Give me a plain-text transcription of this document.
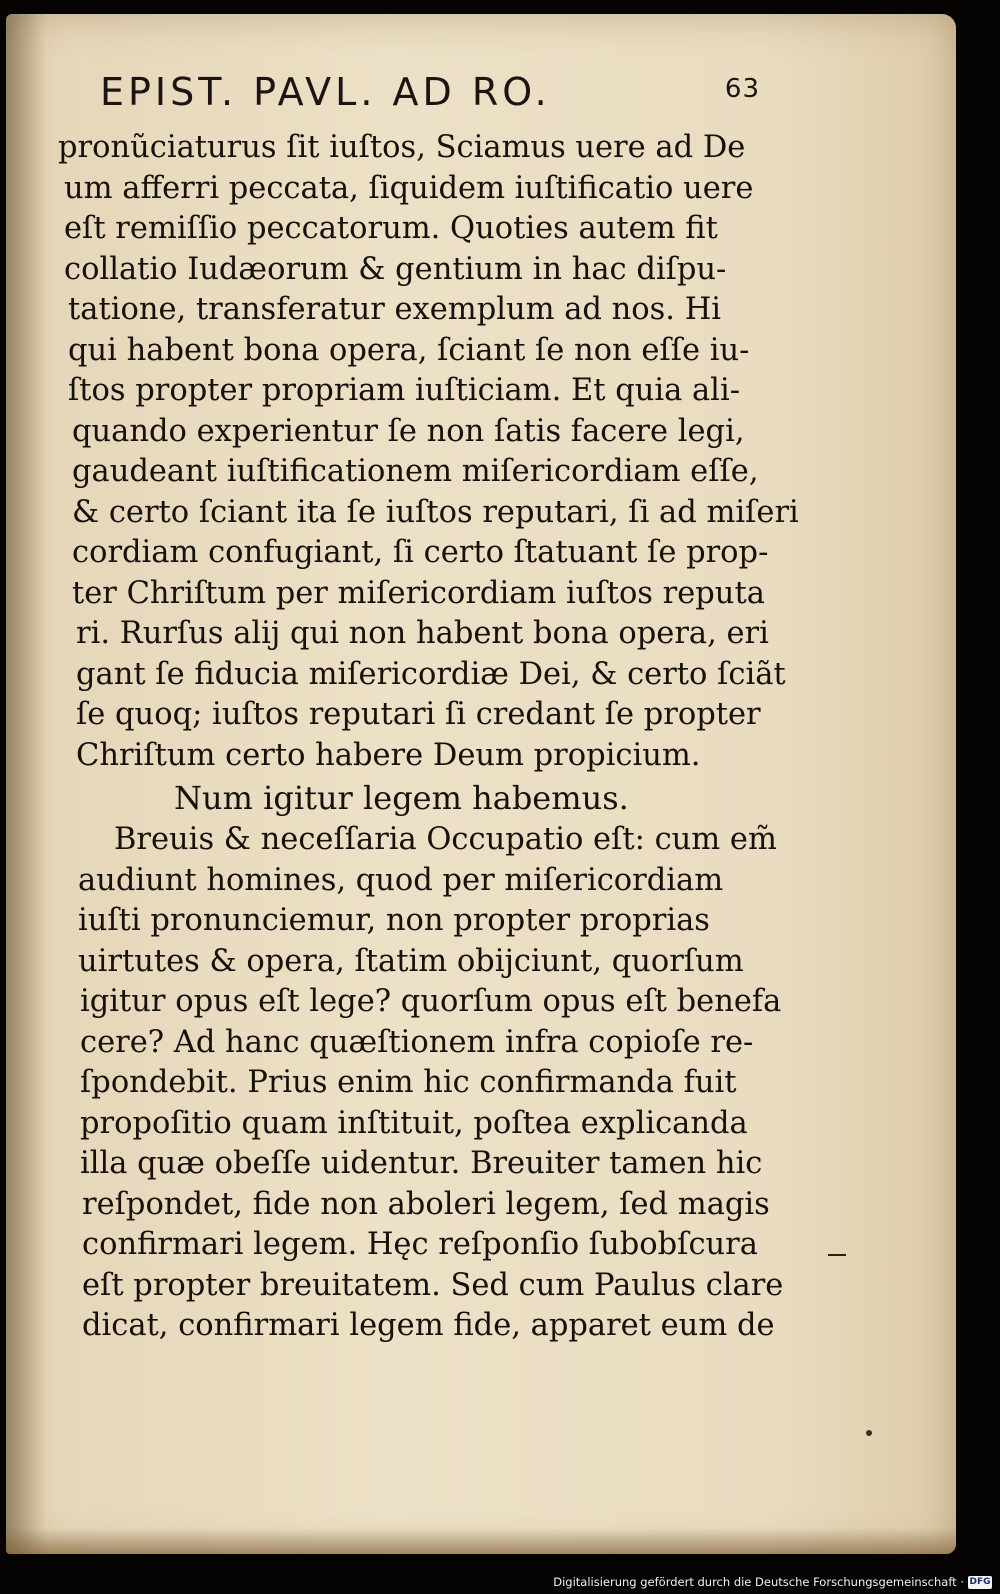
EPIST. PAVL. AD RO.	63
pronũciaturus ſit iuſtos, Sciamus uere ad De
um afferri peccata, ſiquidem iuſtificatio uere
eſt remiſſio peccatorum. Quoties autem fit
collatio Iudæorum & gentium in hac diſpu-
tatione, transferatur exemplum ad nos. Hi
qui habent bona opera, ſciant ſe non eſſe iu-
ſtos propter propriam iuſticiam. Et quia ali-
quando experientur ſe non ſatis facere legi,
gaudeant iuſtificationem miſericordiam eſſe,
& certo ſciant ita ſe iuſtos reputari, ſi ad miſeri
cordiam confugiant, ſi certo ſtatuant ſe prop-
ter Chriſtum per miſericordiam iuſtos reputa
ri. Rurſus alij qui non habent bona opera, eri
gant ſe fiducia miſericordiæ Dei, & certo ſciãt
ſe quoq; iuſtos reputari ſi credant ſe propter
Chriſtum certo habere Deum propicium.
Num igitur legem habemus.
Breuis & neceſſaria Occupatio eſt: cum em̃
audiunt homines, quod per miſericordiam
iuſti pronunciemur, non propter proprias
uirtutes & opera, ſtatim obijciunt, quorſum
igitur opus eſt lege? quorſum opus eſt benefa
cere? Ad hanc quæſtionem infra copioſe re-
ſpondebit. Prius enim hic confirmanda fuit
propoſitio quam inſtituit, poſtea explicanda
illa quæ obeſſe uidentur. Breuiter tamen hic
reſpondet, fide non aboleri legem, ſed magis
confirmari legem. Hęc reſponſio ſubobſcura
eſt propter breuitatem. Sed cum Paulus clare
dicat, confirmari legem fide, apparet eum de
Digitalisierung gefördert durch die Deutsche Forschungsgemeinschaft · DFG
